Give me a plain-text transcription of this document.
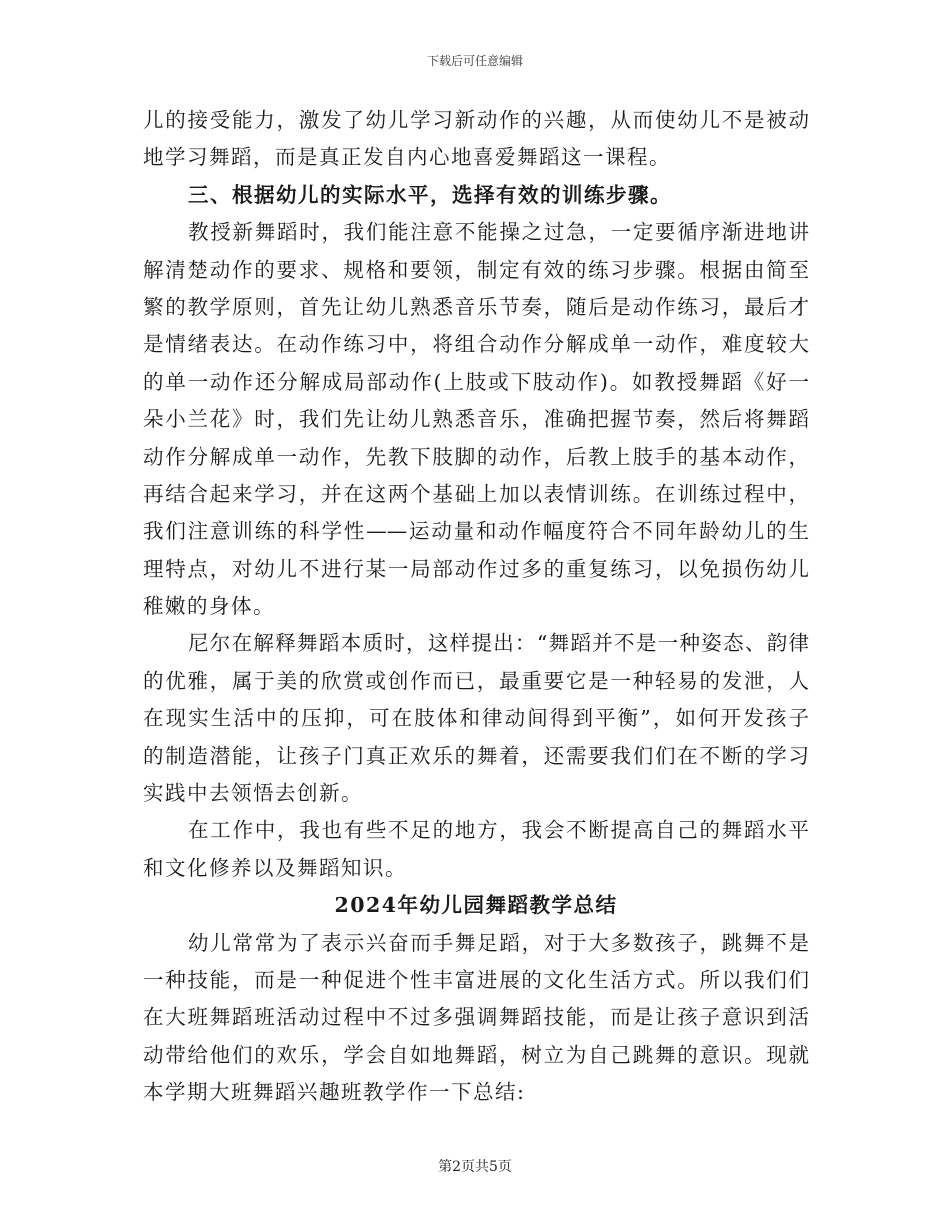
下载后可任意编辑
儿的接受能力，激发了幼儿学习新动作的兴趣，从而使幼儿不是被动
地学习舞蹈，而是真正发自内心地喜爱舞蹈这一课程。
三、根据幼儿的实际水平，选择有效的训练步骤。
教授新舞蹈时，我们能注意不能操之过急，一定要循序渐进地讲
解清楚动作的要求、规格和要领，制定有效的练习步骤。根据由简至
繁的教学原则，首先让幼儿熟悉音乐节奏，随后是动作练习，最后才
是情绪表达。在动作练习中，将组合动作分解成单一动作，难度较大
的单一动作还分解成局部动作(上肢或下肢动作)。如教授舞蹈《好一
朵小兰花》时，我们先让幼儿熟悉音乐，准确把握节奏，然后将舞蹈
动作分解成单一动作，先教下肢脚的动作，后教上肢手的基本动作，
再结合起来学习，并在这两个基础上加以表情训练。在训练过程中，
我们注意训练的科学性——运动量和动作幅度符合不同年龄幼儿的生
理特点，对幼儿不进行某一局部动作过多的重复练习，以免损伤幼儿
稚嫩的身体。
尼尔在解释舞蹈本质时，这样提出：“舞蹈并不是一种姿态、韵律
的优雅，属于美的欣赏或创作而已，最重要它是一种轻易的发泄，人
在现实生活中的压抑，可在肢体和律动间得到平衡”，如何开发孩子
的制造潜能，让孩子门真正欢乐的舞着，还需要我们们在不断的学习
实践中去领悟去创新。
在工作中，我也有些不足的地方，我会不断提高自己的舞蹈水平
和文化修养以及舞蹈知识。
2024年幼儿园舞蹈教学总结
幼儿常常为了表示兴奋而手舞足蹈，对于大多数孩子，跳舞不是
一种技能，而是一种促进个性丰富进展的文化生活方式。所以我们们
在大班舞蹈班活动过程中不过多强调舞蹈技能，而是让孩子意识到活
动带给他们的欢乐，学会自如地舞蹈，树立为自己跳舞的意识。现就
本学期大班舞蹈兴趣班教学作一下总结:
第2页共5页
